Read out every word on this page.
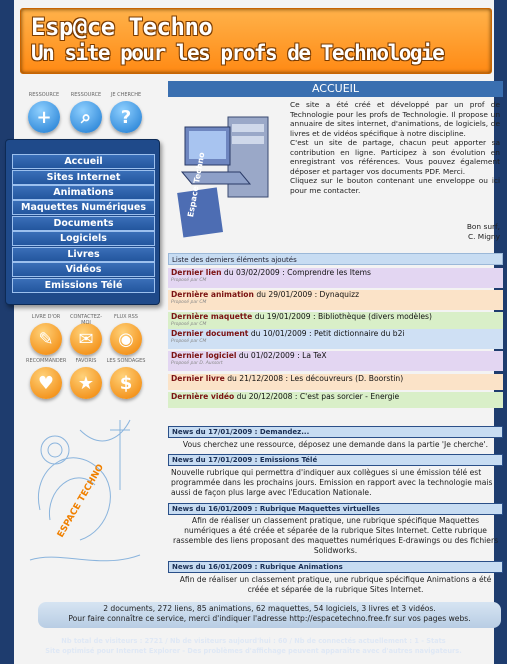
Esp@ce Techno
Un site pour les profs de Technologie
RESSOURCE
+
RESSOURCE
⌕
JE CHERCHE
?
Accueil
Sites Internet
Animations
Maquettes Numériques
Documents
Logiciels
Livres
Vidéos
Emissions Télé
LIVRE D'OR
✎
CONTACTEZ-MOI
✉
FLUX RSS
◉
RECOMMANDER
♥
FAVORIS
★
LES SONDAGES
$
ESPACE TECHNO
ACCUEIL
Espace Techno
Ce site a été créé et développé par un prof de Technologie pour les profs de Technologie. Il propose un annuaire de sites internet, d'animations, de logiciels, de livres et de vidéos spécifique à notre discipline.
C'est un site de partage, chacun peut apporter sa contribution en ligne. Participez à son évolution en enregistrant vos références. Vous pouvez également déposer et partager vos documents PDF. Merci.
Cliquez sur le bouton contenant une enveloppe ou ici pour me contacter.
Bon surf,
C. Migny
Liste des derniers éléments ajoutés
Dernier lien du 03/02/2009 : Comprendre les Items
Proposé par CM
Dernière animation du 29/01/2009 : Dynaquizz
Proposé par CM
Dernière maquette du 19/01/2009 : Bibliothèque (divers modèles)
Proposé par CM
Dernier document du 10/01/2009 : Petit dictionnaire du b2i
Proposé par CM
Dernier logiciel du 01/02/2009 : La TeX
Proposé par D. Aussort
Dernier livre du 21/12/2008 : Les découvreurs (D. Boorstin)
Dernière vidéo du 20/12/2008 : C'est pas sorcier - Energie
News du 17/01/2009 : Demandez...
Vous cherchez une ressource, déposez une demande dans la partie 'Je cherche'.
News du 17/01/2009 : Emissions Télé
Nouvelle rubrique qui permettra d'indiquer aux collègues si une émission télé est programmée dans les prochains jours. Emission en rapport avec la technologie mais aussi de façon plus large avec l'Education Nationale.
News du 16/01/2009 : Rubrique Maquettes virtuelles
Afin de réaliser un classement pratique, une rubrique spécifique Maquettes numériques a été créée et séparée de la rubrique Sites Internet. Cette rubrique rassemble des liens proposant des maquettes numériques E-drawings ou des fichiers Solidworks.
News du 16/01/2009 : Rubrique Animations
Afin de réaliser un classement pratique, une rubrique spécifique Animations a été créée et séparée de la rubrique Sites Internet.
2 documents, 272 liens, 85 animations, 62 maquettes, 54 logiciels, 3 livres et 3 vidéos.
Pour faire connaître ce service, merci d'indiquer l'adresse http://espacetechno.free.fr sur vos pages webs.
Nb total de visiteurs : 2721 / Nb de visiteurs aujourd'hui : 60 / Nb de connectés actuellement : 1 - Stats
Site optimisé pour Internet Explorer - Des problèmes d'affichage peuvent apparaître avec d'autres navigateurs.
